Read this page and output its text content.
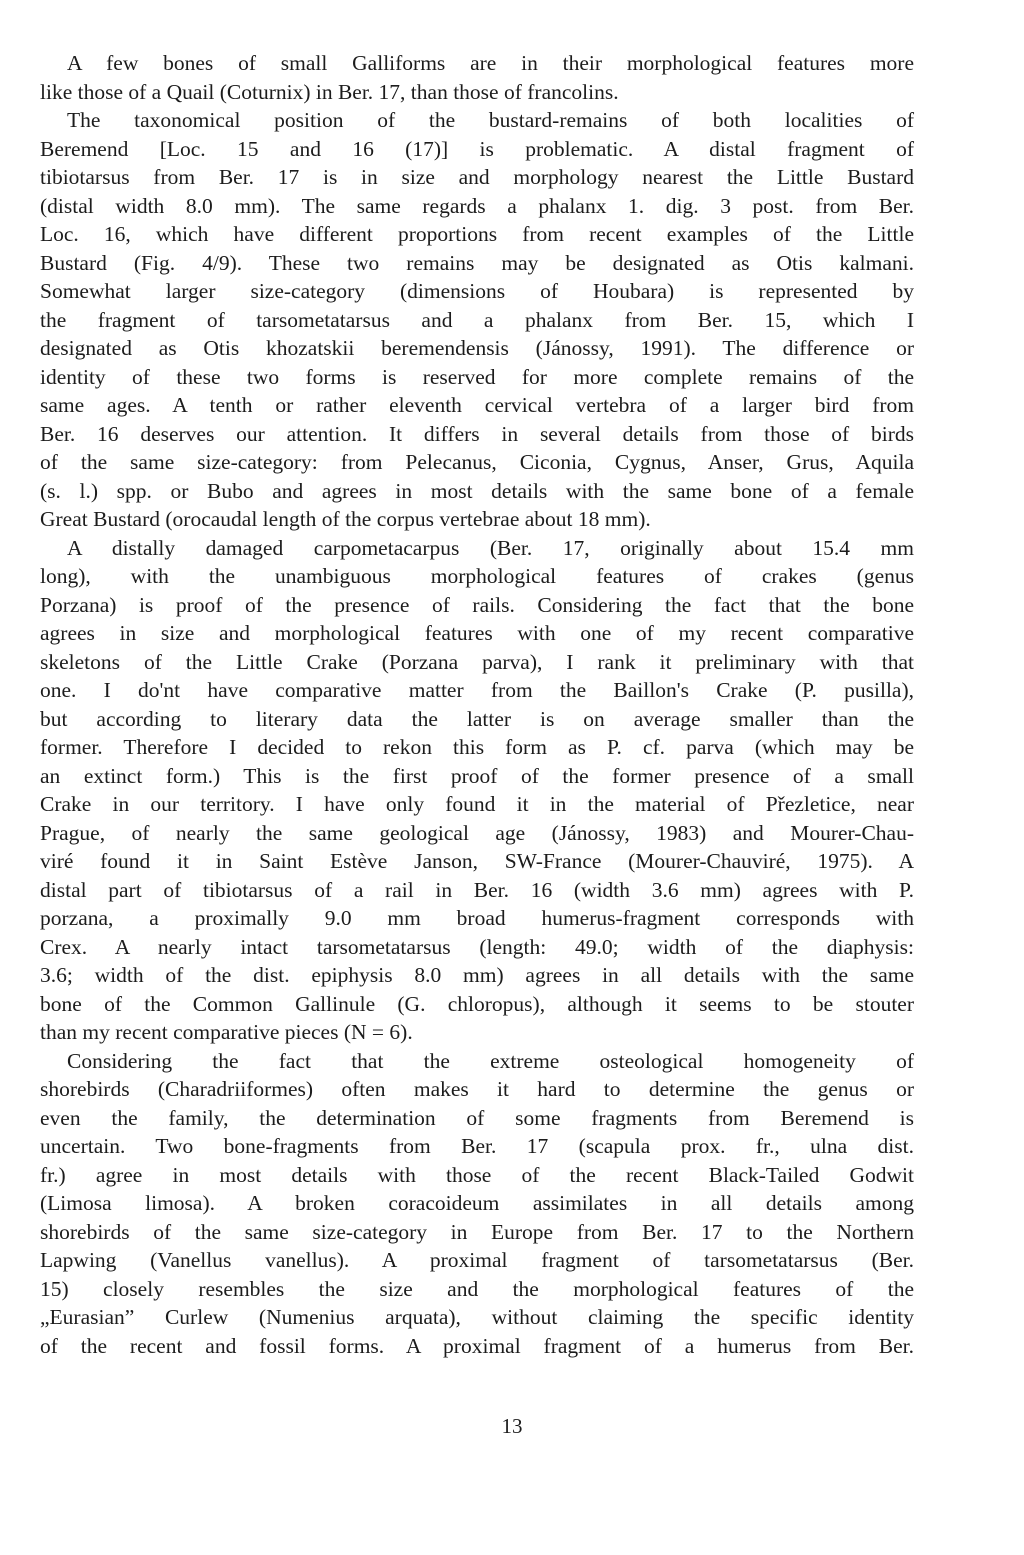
A few bones of small Galliforms are in their morphological features more
like those of a Quail (Coturnix) in Ber. 17, than those of francolins.
The taxonomical position of the bustard-remains of both localities of
Beremend [Loc. 15 and 16 (17)] is problematic. A distal fragment of
tibiotarsus from Ber. 17 is in size and morphology nearest the Little Bustard
(distal width 8.0 mm). The same regards a phalanx 1. dig. 3 post. from Ber.
Loc. 16, which have different proportions from recent examples of the Little
Bustard (Fig. 4/9). These two remains may be designated as Otis kalmani.
Somewhat larger size-category (dimensions of Houbara) is represented by
the fragment of tarsometatarsus and a phalanx from Ber. 15, which I
designated as Otis khozatskii beremendensis (Jánossy, 1991). The difference or
identity of these two forms is reserved for more complete remains of the
same ages. A tenth or rather eleventh cervical vertebra of a larger bird from
Ber. 16 deserves our attention. It differs in several details from those of birds
of the same size-category: from Pelecanus, Ciconia, Cygnus, Anser, Grus, Aquila
(s. l.) spp. or Bubo and agrees in most details with the same bone of a female
Great Bustard (orocaudal length of the corpus vertebrae about 18 mm).
A distally damaged carpometacarpus (Ber. 17, originally about 15.4 mm
long), with the unambiguous morphological features of crakes (genus
Porzana) is proof of the presence of rails. Considering the fact that the bone
agrees in size and morphological features with one of my recent comparative
skeletons of the Little Crake (Porzana parva), I rank it preliminary with that
one. I do'nt have comparative matter from the Baillon's Crake (P. pusilla),
but according to literary data the latter is on average smaller than the
former. Therefore I decided to rekon this form as P. cf. parva (which may be
an extinct form.) This is the first proof of the former presence of a small
Crake in our territory. I have only found it in the material of Přezletice, near
Prague, of nearly the same geological age (Jánossy, 1983) and Mourer-Chau-
viré found it in Saint Estève Janson, SW-France (Mourer-Chauviré, 1975). A
distal part of tibiotarsus of a rail in Ber. 16 (width 3.6 mm) agrees with P.
porzana, a proximally 9.0 mm broad humerus-fragment corresponds with
Crex. A nearly intact tarsometatarsus (length: 49.0; width of the diaphysis:
3.6; width of the dist. epiphysis 8.0 mm) agrees in all details with the same
bone of the Common Gallinule (G. chloropus), although it seems to be stouter
than my recent comparative pieces (N = 6).
Considering the fact that the extreme osteological homogeneity of
shorebirds (Charadriiformes) often makes it hard to determine the genus or
even the family, the determination of some fragments from Beremend is
uncertain. Two bone-fragments from Ber. 17 (scapula prox. fr., ulna dist.
fr.) agree in most details with those of the recent Black-Tailed Godwit
(Limosa limosa). A broken coracoideum assimilates in all details among
shorebirds of the same size-category in Europe from Ber. 17 to the Northern
Lapwing (Vanellus vanellus). A proximal fragment of tarsometatarsus (Ber.
15) closely resembles the size and the morphological features of the
„Eurasian” Curlew (Numenius arquata), without claiming the specific identity
of the recent and fossil forms. A proximal fragment of a humerus from Ber.
13
